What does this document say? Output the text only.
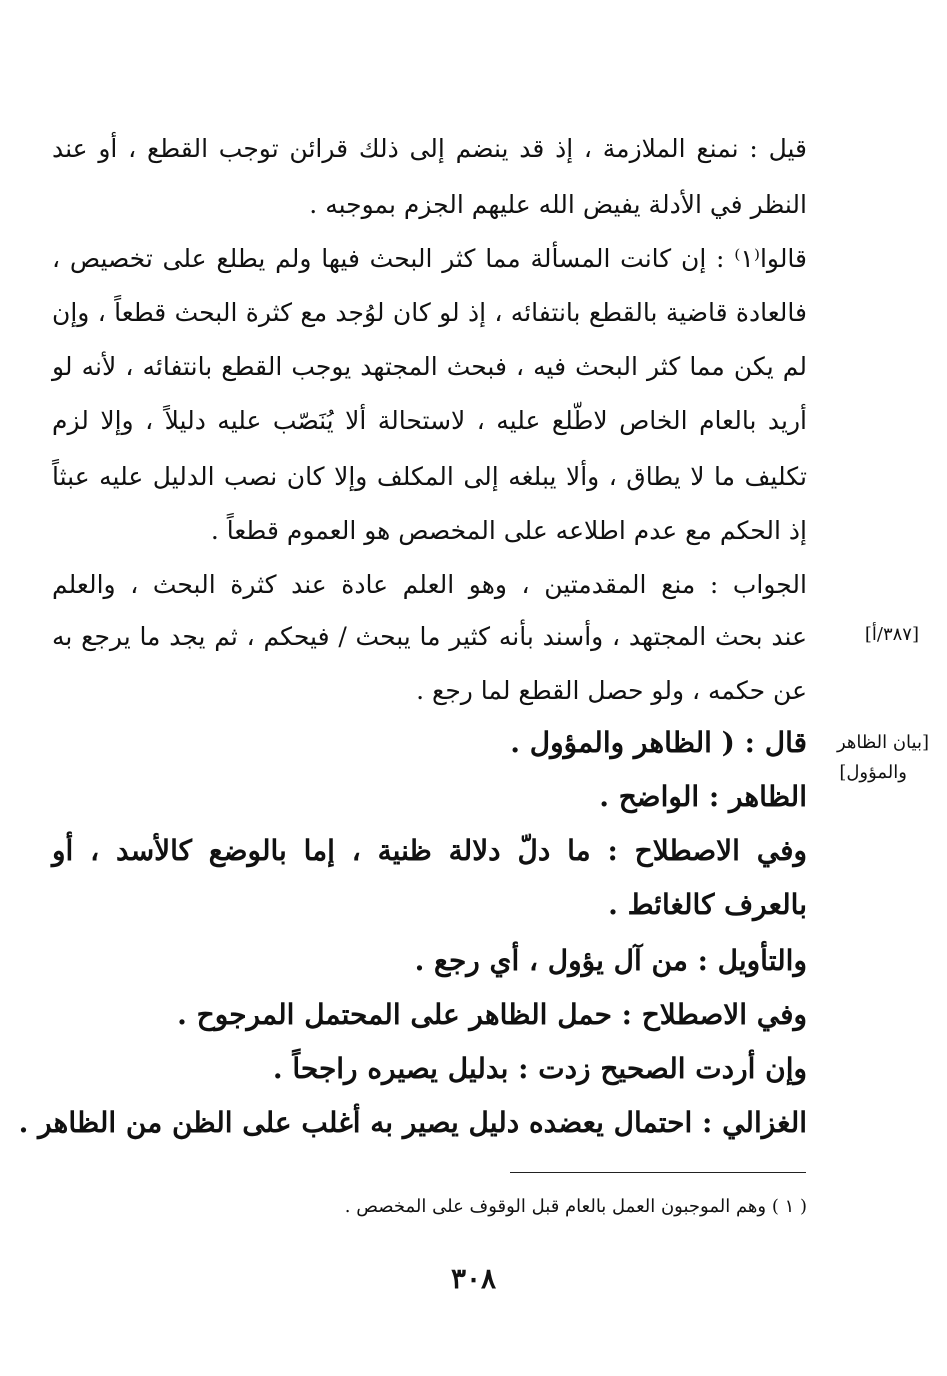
قيل : نمنع الملازمة ، إذ قد ينضم إلى ذلك قرائن توجب القطع ، أو عند
النظر في الأدلة يفيض الله عليهم الجزم بموجبه .
قالوا⁽١⁾ : إن كانت المسألة مما كثر البحث فيها ولم يطلع على تخصيص ،
فالعادة قاضية بالقطع بانتفائه ، إذ لو كان لوُجد مع كثرة البحث قطعاً ، وإن
لم يكن مما كثر البحث فيه ، فبحث المجتهد يوجب القطع بانتفائه ، لأنه لو
أريد بالعام الخاص لاطّلع عليه ، لاستحالة ألا يُنَصّب عليه دليلاً ، وإلا لزم
تكليف ما لا يطاق ، وألا يبلغه إلى المكلف وإلا كان نصب الدليل عليه عبثاً
إذ الحكم مع عدم اطلاعه على المخصص هو العموم قطعاً .
الجواب : منع المقدمتين ، وهو العلم عادة عند كثرة البحث ، والعلم
عند بحث المجتهد ، وأسند بأنه كثير ما يبحث / فيحكم ، ثم يجد ما يرجع به
عن حكمه ، ولو حصل القطع لما رجع .
قال : ( الظاهر والمؤول .
الظاهر : الواضح .
وفي الاصطلاح : ما دلّ دلالة ظنية ، إما بالوضع كالأسد ، أو
بالعرف كالغائط .
والتأويل : من آل يؤول ، أي رجع .
وفي الاصطلاح : حمل الظاهر على المحتمل المرجوح .
وإن أردت الصحيح زدت : بدليل يصيره راجحاً .
الغزالي : احتمال يعضده دليل يصير به أغلب على الظن من الظاهر .
[٣٨٧/أ]
[بيان الظاهر
والمؤول]
( ١ ) وهم الموجبون العمل بالعام قبل الوقوف على المخصص .
٣٠٨
